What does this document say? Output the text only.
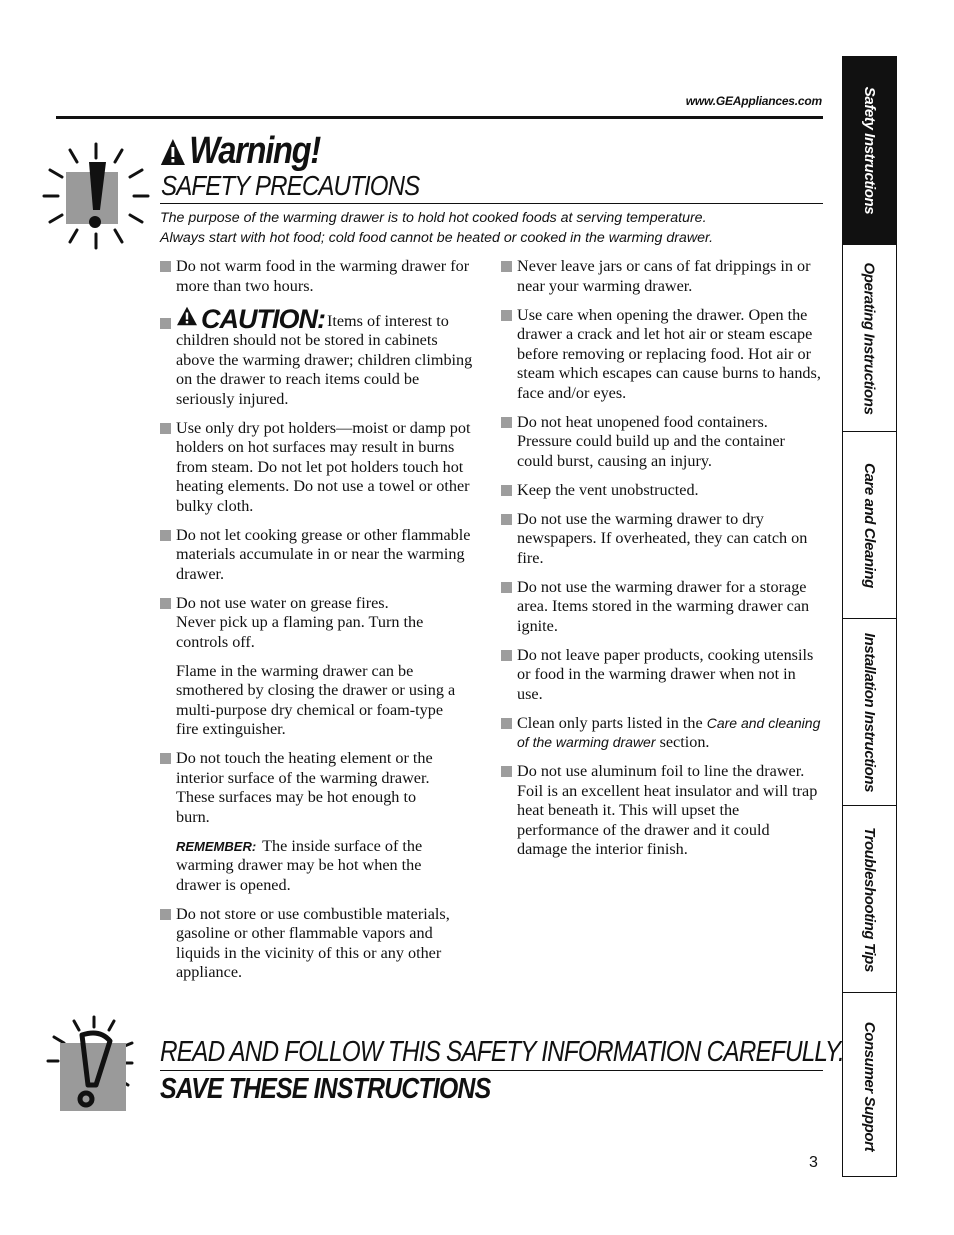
www.GEAppliances.com
Warning!
SAFETY PRECAUTIONS
The purpose of the warming drawer is to hold hot cooked foods at serving temperature.
Always start with hot food; cold food cannot be heated or cooked in the warming drawer.
Do not warm food in the warming drawer for more than two hours.
CAUTION: Items of interest to children should not be stored in cabinets above the warming drawer; children climbing on the drawer to reach items could be seriously injured.
Use only dry pot holders—moist or damp pot holders on hot surfaces may result in burns from steam. Do not let pot holders touch hot heating elements. Do not use a towel or other bulky cloth.
Do not let cooking grease or other flammable materials accumulate in or near the warming drawer.
Do not use water on grease fires. Never pick up a flaming pan. Turn the controls off.
Flame in the warming drawer can be smothered by closing the drawer or using a multi-purpose dry chemical or foam-type fire extinguisher.
Do not touch the heating element or the interior surface of the warming drawer. These surfaces may be hot enough to burn.
REMEMBER: The inside surface of the warming drawer may be hot when the drawer is opened.
Do not store or use combustible materials, gasoline or other flammable vapors and liquids in the vicinity of this or any other appliance.
Never leave jars or cans of fat drippings in or near your warming drawer.
Use care when opening the drawer. Open the drawer a crack and let hot air or steam escape before removing or replacing food. Hot air or steam which escapes can cause burns to hands, face and/or eyes.
Do not heat unopened food containers. Pressure could build up and the container could burst, causing an injury.
Keep the vent unobstructed.
Do not use the warming drawer to dry newspapers. If overheated, they can catch on fire.
Do not use the warming drawer for a storage area. Items stored in the warming drawer can ignite.
Do not leave paper products, cooking utensils or food in the warming drawer when not in use.
Clean only parts listed in the Care and cleaning of the warming drawer section.
Do not use aluminum foil to line the drawer. Foil is an excellent heat insulator and will trap heat beneath it. This will upset the performance of the drawer and it could damage the interior finish.
READ AND FOLLOW THIS SAFETY INFORMATION CAREFULLY.
SAVE THESE INSTRUCTIONS
3
Safety Instructions
Operating Instructions
Care and Cleaning
Installation Instructions
Troubleshooting Tips
Consumer Support
